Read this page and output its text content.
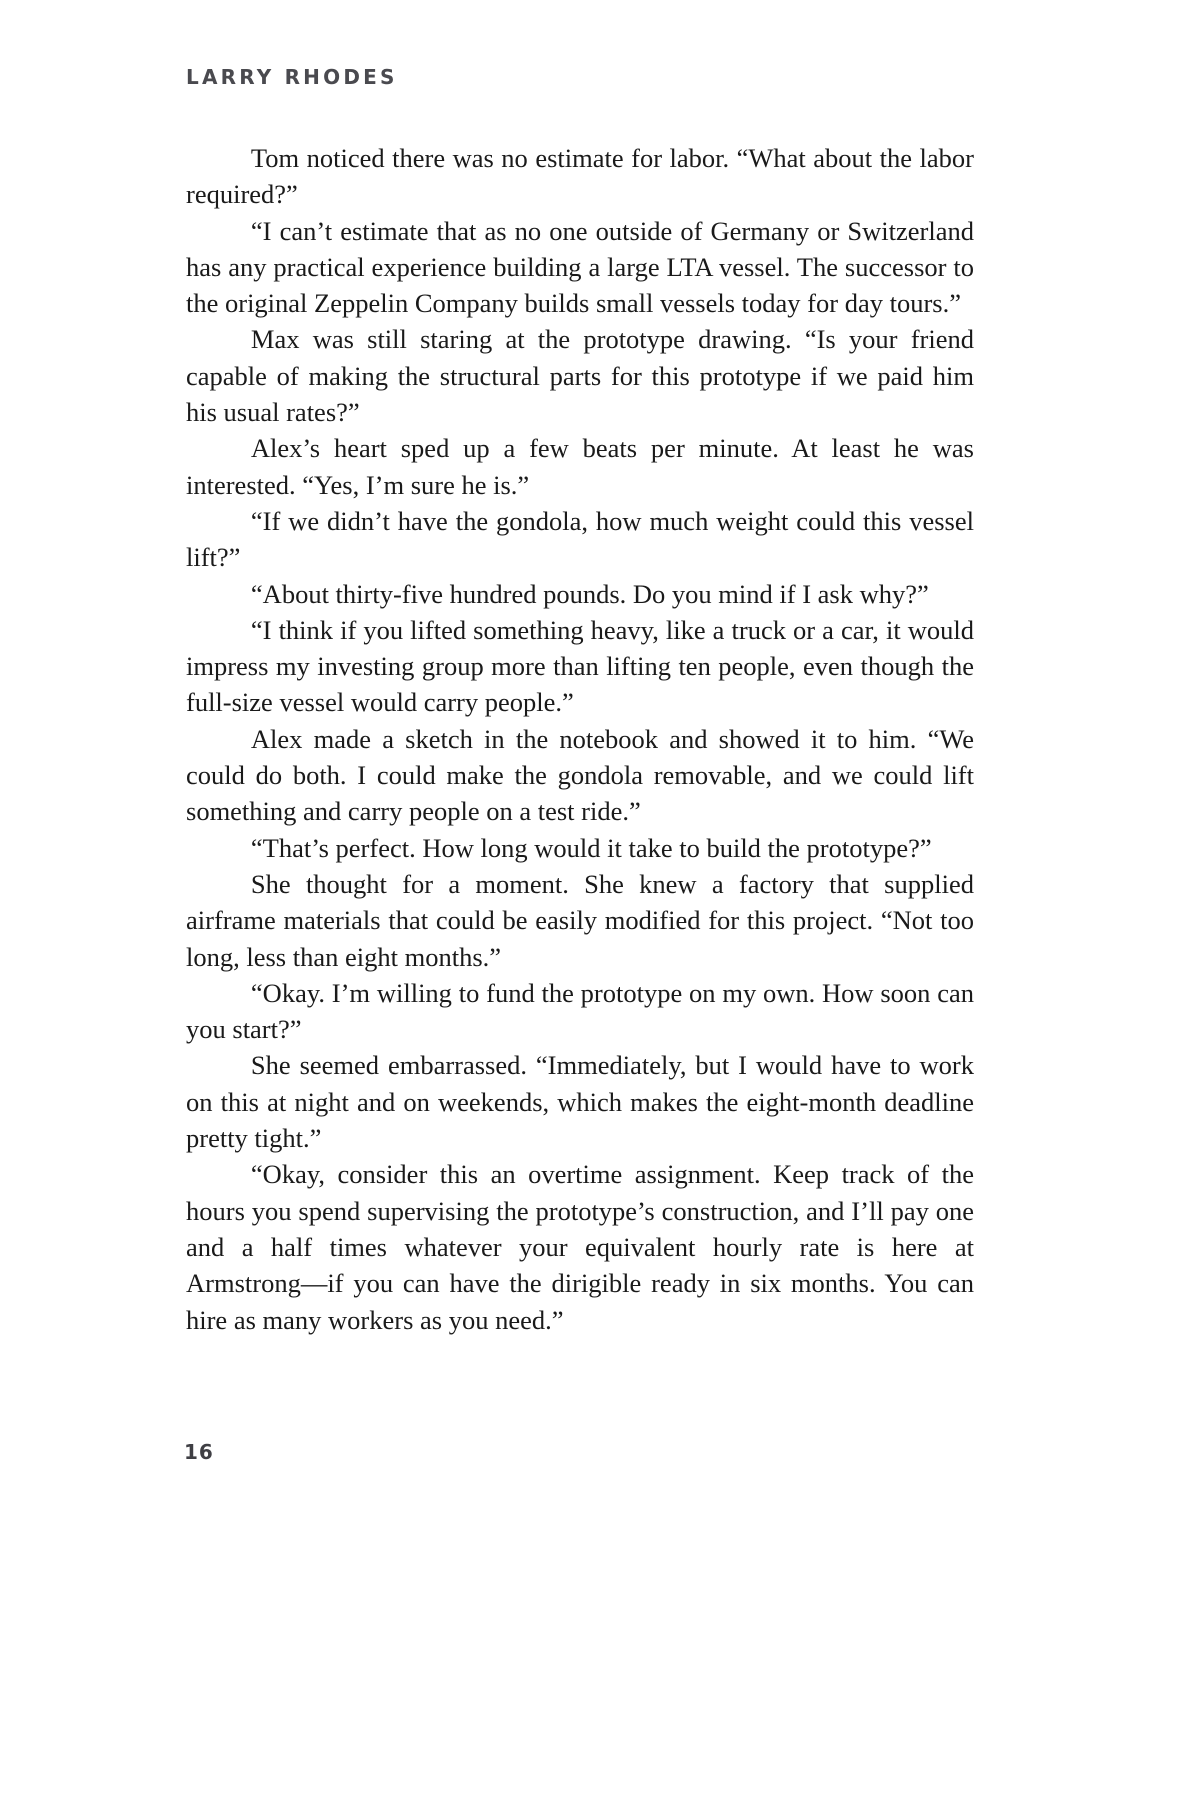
LARRY RHODES

Tom noticed there was no estimate for labor. “What about the labor required?”

“I can’t estimate that as no one outside of Germany or Switzerland has any practical experience building a large LTA vessel. The successor to the original Zeppelin Company builds small vessels today for day tours.”

Max was still staring at the prototype drawing. “Is your friend capable of making the structural parts for this prototype if we paid him his usual rates?”

Alex’s heart sped up a few beats per minute. At least he was interested. “Yes, I’m sure he is.”

“If we didn’t have the gondola, how much weight could this vessel lift?”

“About thirty-five hundred pounds. Do you mind if I ask why?”

“I think if you lifted something heavy, like a truck or a car, it would impress my investing group more than lifting ten people, even though the full-size vessel would carry people.”

Alex made a sketch in the notebook and showed it to him. “We could do both. I could make the gondola removable, and we could lift something and carry people on a test ride.”

“That’s perfect. How long would it take to build the prototype?”

She thought for a moment. She knew a factory that supplied airframe materials that could be easily modified for this project. “Not too long, less than eight months.”

“Okay. I’m willing to fund the prototype on my own. How soon can you start?”

She seemed embarrassed. “Immediately, but I would have to work on this at night and on weekends, which makes the eight-month deadline pretty tight.”

“Okay, consider this an overtime assignment. Keep track of the hours you spend supervising the prototype’s construction, and I’ll pay one and a half times whatever your equivalent hourly rate is here at Armstrong—if you can have the dirigible ready in six months. You can hire as many workers as you need.”

16
